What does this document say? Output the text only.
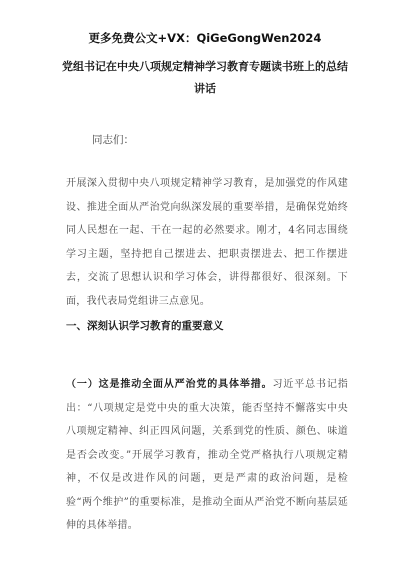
更多免费公文+VX：QiGeGongWen2024
党组书记在中央八项规定精神学习教育专题读书班上的总结讲话
同志们：
开展深入贯彻中央八项规定精神学习教育，是加强党的作风建设、推进全面从严治党向纵深发展的重要举措，是确保党始终同人民想在一起、干在一起的必然要求。刚才，4名同志围绕学习主题，坚持把自己摆进去、把职责摆进去、把工作摆进去，交流了思想认识和学习体会，讲得都很好、很深刻。下面，我代表局党组讲三点意见。
一、深刻认识学习教育的重要意义
（一）这是推动全面从严治党的具体举措。习近平总书记指出：“八项规定是党中央的重大决策，能否坚持不懈落实中央八项规定精神、纠正四风问题，关系到党的性质、颜色、味道是否会改变。”开展学习教育，推动全党严格执行八项规定精神，不仅是改进作风的问题，更是严肃的政治问题，是检验“两个维护”的重要标准，是推动全面从严治党不断向基层延伸的具体举措。
